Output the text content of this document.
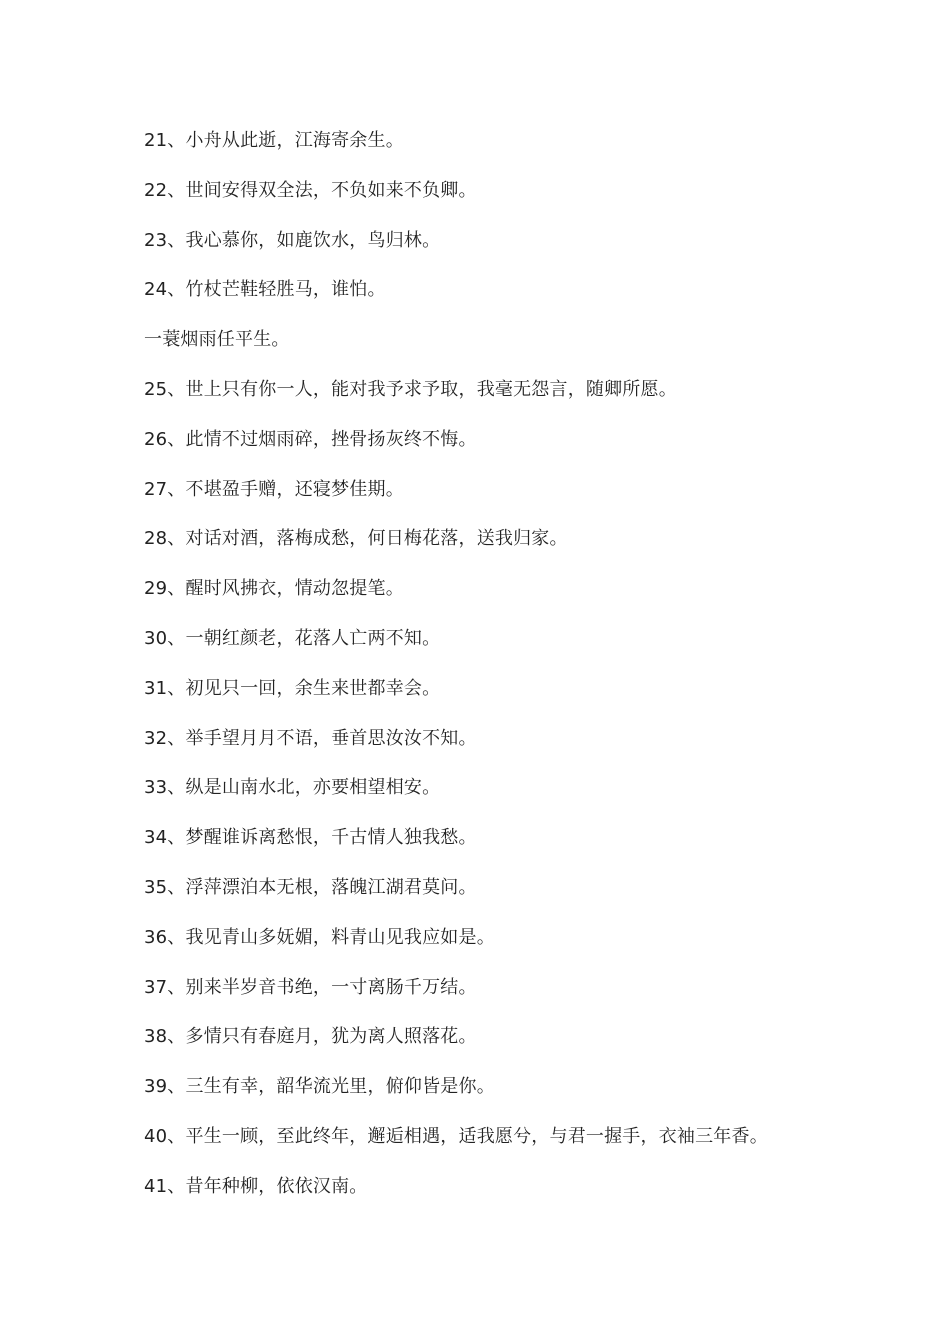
21、小舟从此逝，江海寄余生。
22、世间安得双全法，不负如来不负卿。
23、我心慕你，如鹿饮水，鸟归林。
24、竹杖芒鞋轻胜马，谁怕。
一蓑烟雨任平生。
25、世上只有你一人，能对我予求予取，我毫无怨言，随卿所愿。
26、此情不过烟雨碎，挫骨扬灰终不悔。
27、不堪盈手赠，还寝梦佳期。
28、对话对酒，落梅成愁，何日梅花落，送我归家。
29、醒时风拂衣，情动忽提笔。
30、一朝红颜老，花落人亡两不知。
31、初见只一回，余生来世都幸会。
32、举手望月月不语，垂首思汝汝不知。
33、纵是山南水北，亦要相望相安。
34、梦醒谁诉离愁恨，千古情人独我愁。
35、浮萍漂泊本无根，落魄江湖君莫问。
36、我见青山多妩媚，料青山见我应如是。
37、别来半岁音书绝，一寸离肠千万结。
38、多情只有春庭月，犹为离人照落花。
39、三生有幸，韶华流光里，俯仰皆是你。
40、平生一顾，至此终年，邂逅相遇，适我愿兮，与君一握手，衣袖三年香。
41、昔年种柳，依依汉南。
